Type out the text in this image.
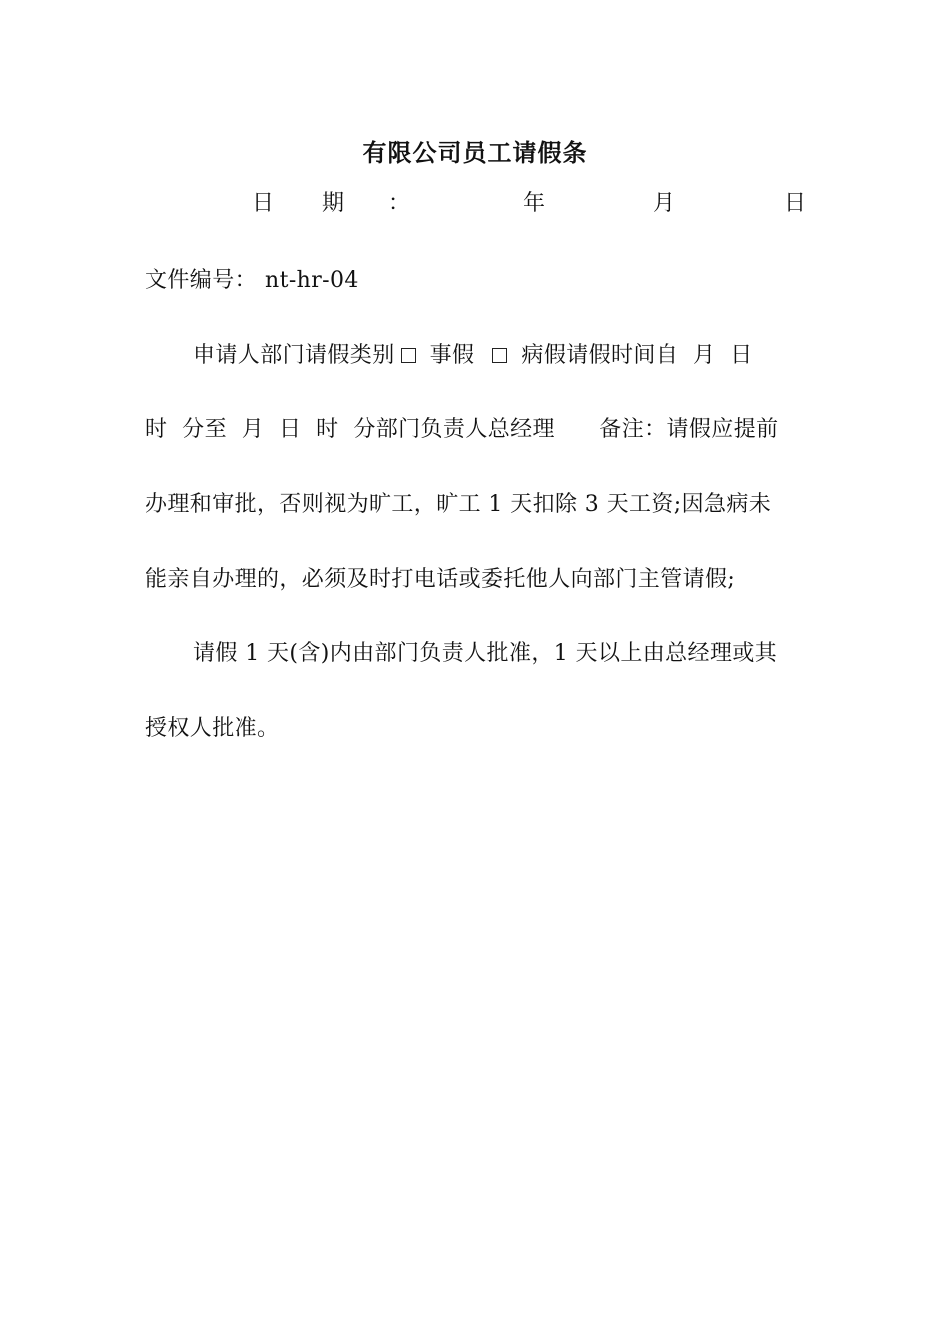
有限公司员工请假条
日 期 ：	年	月	日
文件编号： nt-hr-04
申请人部门请假类别 事假 病假请假时间自  月  日
时  分至  月  日  时  分部门负责人总经理      备注：请假应提前
办理和审批，否则视为旷工，旷工 1 天扣除 3 天工资;因急病未
能亲自办理的，必须及时打电话或委托他人向部门主管请假;
请假 1 天(含)内由部门负责人批准，1 天以上由总经理或其
授权人批准。
